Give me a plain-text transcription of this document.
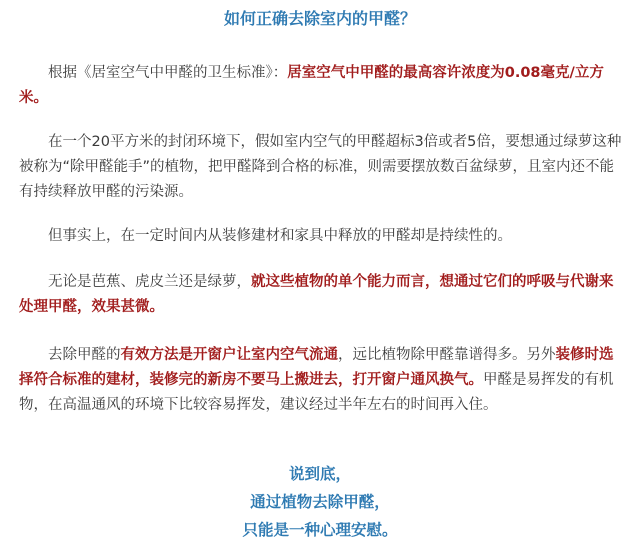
如何正确去除室内的甲醛？
根据《居室空气中甲醛的卫生标准》：居室空气中甲醛的最高容许浓度为0.08毫克/立方米。
在一个20平方米的封闭环境下，假如室内空气的甲醛超标3倍或者5倍，要想通过绿萝这种被称为“除甲醛能手”的植物，把甲醛降到合格的标准，则需要摆放数百盆绿萝，且室内还不能有持续释放甲醛的污染源。
但事实上，在一定时间内从装修建材和家具中释放的甲醛却是持续性的。
无论是芭蕉、虎皮兰还是绿萝，就这些植物的单个能力而言，想通过它们的呼吸与代谢来处理甲醛，效果甚微。
去除甲醛的有效方法是开窗户让室内空气流通，远比植物除甲醛靠谱得多。另外装修时选择符合标准的建材，装修完的新房不要马上搬进去，打开窗户通风换气。甲醛是易挥发的有机物，在高温通风的环境下比较容易挥发，建议经过半年左右的时间再入住。
说到底，
通过植物去除甲醛，
只能是一种心理安慰。
